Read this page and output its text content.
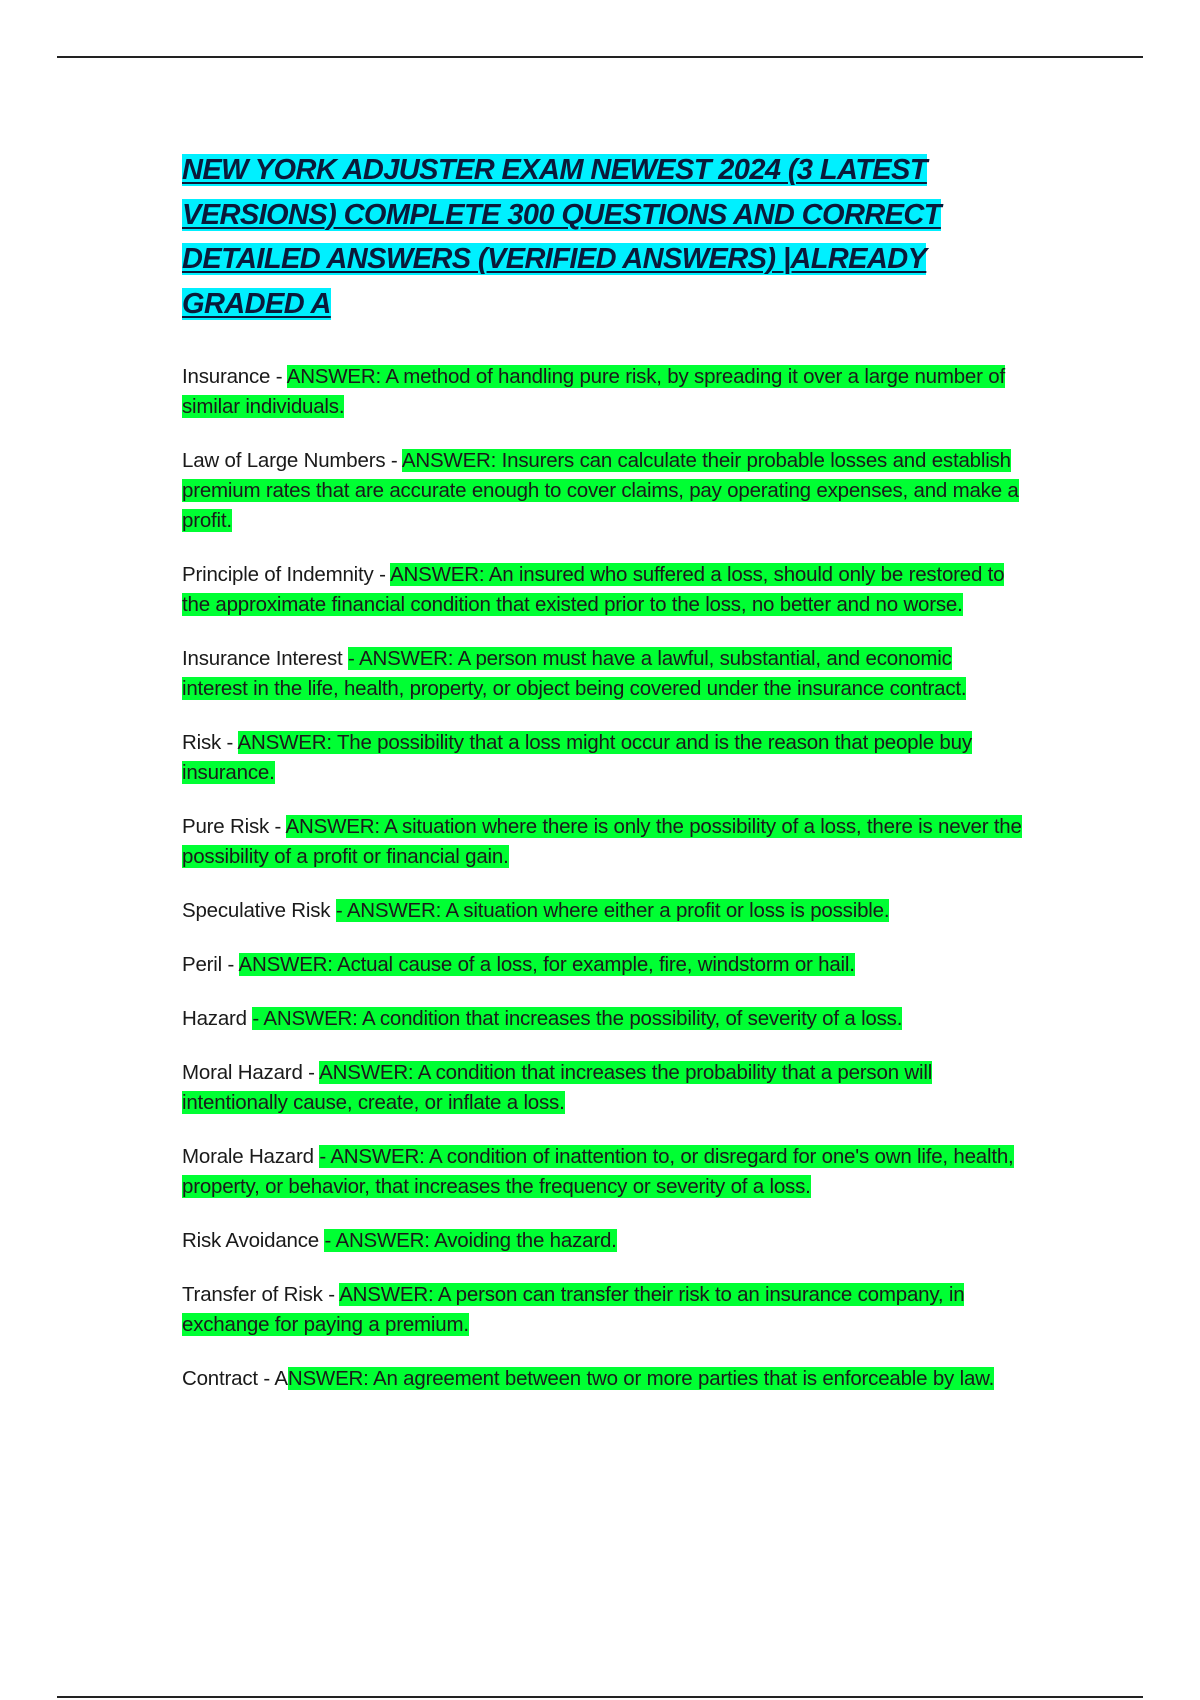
NEW YORK ADJUSTER EXAM NEWEST 2024 (3 LATEST VERSIONS) COMPLETE 300 QUESTIONS AND CORRECT DETAILED ANSWERS (VERIFIED ANSWERS) |ALREADY GRADED A

Insurance - ANSWER: A method of handling pure risk, by spreading it over a large number of similar individuals.

Law of Large Numbers - ANSWER: Insurers can calculate their probable losses and establish premium rates that are accurate enough to cover claims, pay operating expenses, and make a profit.

Principle of Indemnity - ANSWER: An insured who suffered a loss, should only be restored to the approximate financial condition that existed prior to the loss, no better and no worse.

Insurance Interest - ANSWER: A person must have a lawful, substantial, and economic interest in the life, health, property, or object being covered under the insurance contract.

Risk - ANSWER: The possibility that a loss might occur and is the reason that people buy insurance.

Pure Risk - ANSWER: A situation where there is only the possibility of a loss, there is never the possibility of a profit or financial gain.

Speculative Risk - ANSWER: A situation where either a profit or loss is possible.

Peril - ANSWER: Actual cause of a loss, for example, fire, windstorm or hail.

Hazard - ANSWER: A condition that increases the possibility, of severity of a loss.

Moral Hazard - ANSWER: A condition that increases the probability that a person will intentionally cause, create, or inflate a loss.

Morale Hazard - ANSWER: A condition of inattention to, or disregard for one's own life, health, property, or behavior, that increases the frequency or severity of a loss.

Risk Avoidance - ANSWER: Avoiding the hazard.

Transfer of Risk - ANSWER: A person can transfer their risk to an insurance company, in exchange for paying a premium.

Contract - ANSWER: An agreement between two or more parties that is enforceable by law.
